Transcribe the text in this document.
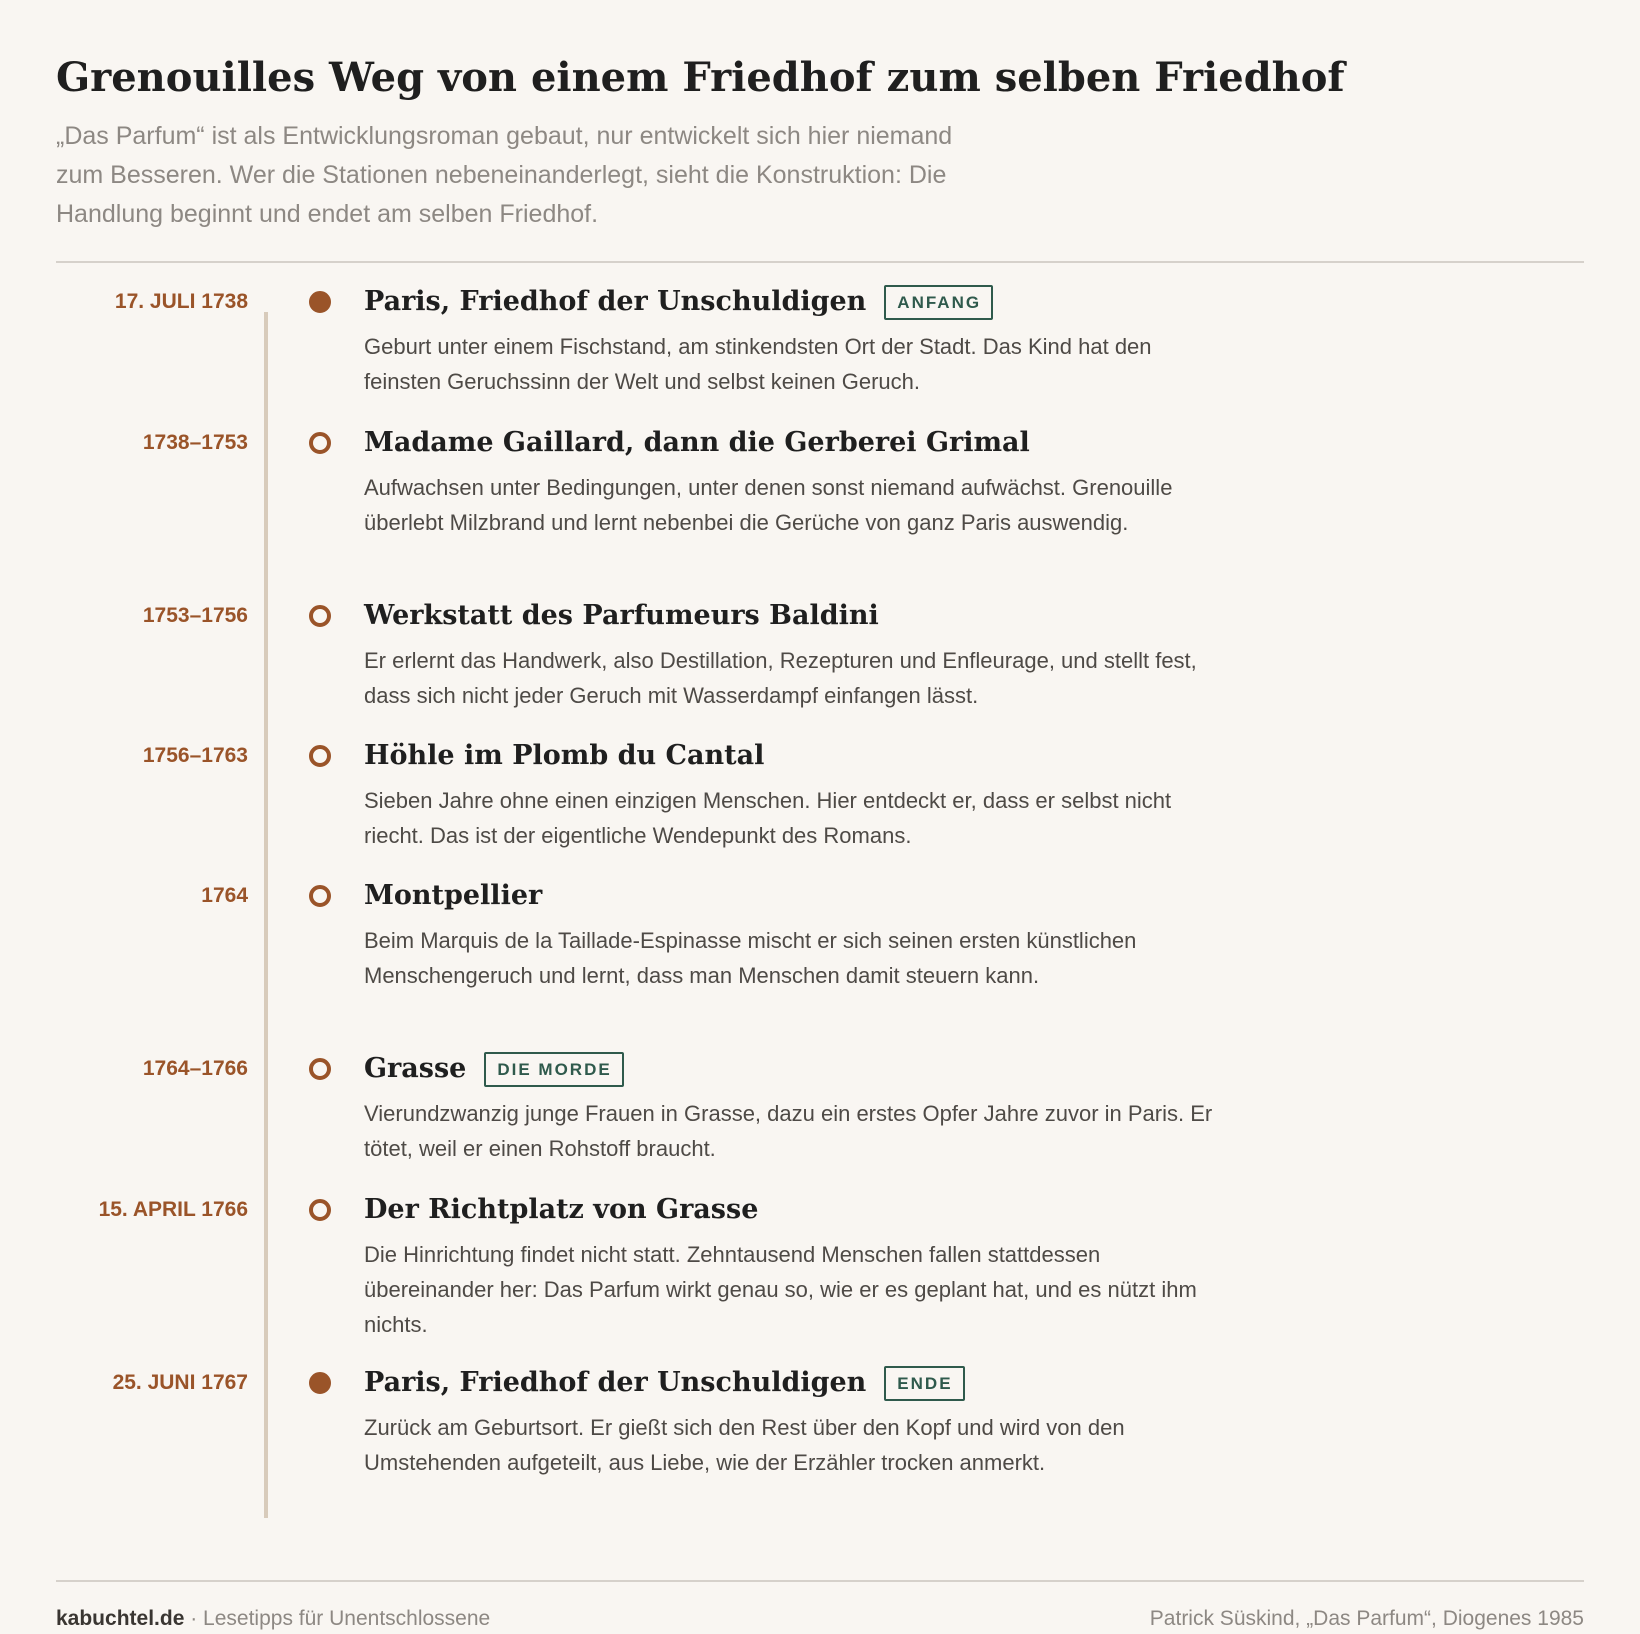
Grenouilles Weg von einem Friedhof zum selben Friedhof

„Das Parfum“ ist als Entwicklungsroman gebaut, nur entwickelt sich hier niemand zum Besseren. Wer die Stationen nebeneinanderlegt, sieht die Konstruktion: Die Handlung beginnt und endet am selben Friedhof.

17. JULI 1738	Paris, Friedhof der Unschuldigen	ANFANG
Geburt unter einem Fischstand, am stinkendsten Ort der Stadt. Das Kind hat den feinsten Geruchssinn der Welt und selbst keinen Geruch.
1738–1753	Madame Gaillard, dann die Gerberei Grimal
Aufwachsen unter Bedingungen, unter denen sonst niemand aufwächst. Grenouille überlebt Milzbrand und lernt nebenbei die Gerüche von ganz Paris auswendig.
1753–1756	Werkstatt des Parfumeurs Baldini
Er erlernt das Handwerk, also Destillation, Rezepturen und Enfleurage, und stellt fest, dass sich nicht jeder Geruch mit Wasserdampf einfangen lässt.
1756–1763	Höhle im Plomb du Cantal
Sieben Jahre ohne einen einzigen Menschen. Hier entdeckt er, dass er selbst nicht riecht. Das ist der eigentliche Wendepunkt des Romans.
1764	Montpellier
Beim Marquis de la Taillade-Espinasse mischt er sich seinen ersten künstlichen Menschengeruch und lernt, dass man Menschen damit steuern kann.
1764–1766	Grasse	DIE MORDE
Vierundzwanzig junge Frauen in Grasse, dazu ein erstes Opfer Jahre zuvor in Paris. Er tötet, weil er einen Rohstoff braucht.
15. APRIL 1766	Der Richtplatz von Grasse
Die Hinrichtung findet nicht statt. Zehntausend Menschen fallen stattdessen übereinander her: Das Parfum wirkt genau so, wie er es geplant hat, und es nützt ihm nichts.
25. JUNI 1767	Paris, Friedhof der Unschuldigen	ENDE
Zurück am Geburtsort. Er gießt sich den Rest über den Kopf und wird von den Umstehenden aufgeteilt, aus Liebe, wie der Erzähler trocken anmerkt.
kabuchtel.de · Lesetipps für Unentschlossene	Patrick Süskind, „Das Parfum“, Diogenes 1985
